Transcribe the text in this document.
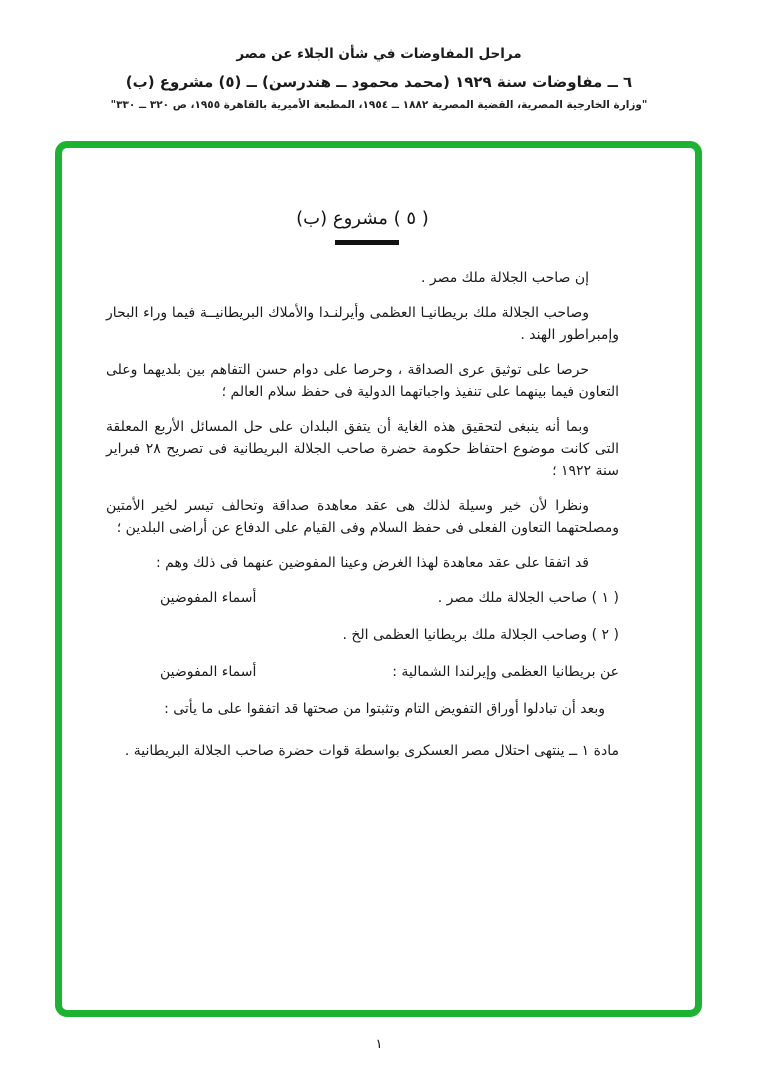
مراحل المفاوضات في شأن الجلاء عن مصر
٦ ــ مفاوضات سنة ١٩٢٩ (محمد محمود ــ هندرسن) ــ (٥) مشروع (ب)
"وزارة الخارجية المصرية، القضية المصرية ١٨٨٢ ــ ١٩٥٤، المطبعة الأميرية بالقاهرة ١٩٥٥، ص ٣٢٠ ــ ٣٣٠"
( ٥ ) مشروع (ب)

إن صاحب الجلالة ملك مصر .

وصاحب الجلالة ملك بريطانيـا العظمى وأيرلنـدا والأملاك البريطانيــة فيما وراء البحار وإمبراطور الهند .

حرصا على توثيق عرى الصداقة ، وحرصا على دوام حسن التفاهم بين بلديهما وعلى التعاون فيما بينهما على تنفيذ واجباتهما الدولية فى حفظ سلام العالم ؛

وبما أنه ينبغى لتحقيق هذه الغاية أن يتفق البلدان على حل المسائل الأربع المعلقة التى كانت موضوع احتفاظ حكومة حضرة صاحب الجلالة البريطانية فى تصريح ٢٨ فبراير سنة ١٩٢٢ ؛

ونظرا لأن خير وسيلة لذلك هى عقد معاهدة صداقة وتحالف تيسر لخير الأمتين ومصلحتهما التعاون الفعلى فى حفظ السلام وفى القيام على الدفاع عن أراضى البلدين ؛

قد اتفقا على عقد معاهدة لهذا الغرض وعينا المفوضين عنهما فى ذلك وهم :

( ١ ) صاحب الجلالة ملك مصر .
أسماء المفوضين
( ٢ ) وصاحب الجلالة ملك بريطانيا العظمى الخ .
عن بريطانيا العظمى وإيرلندا الشمالية :
أسماء المفوضين

وبعد أن تبادلوا أوراق التفويض التام وتثبتوا من صحتها قد اتفقوا على ما يأتى :

مادة ١ ــ ينتهى احتلال مصر العسكرى بواسطة قوات حضرة صاحب الجلالة البريطانية .

١
